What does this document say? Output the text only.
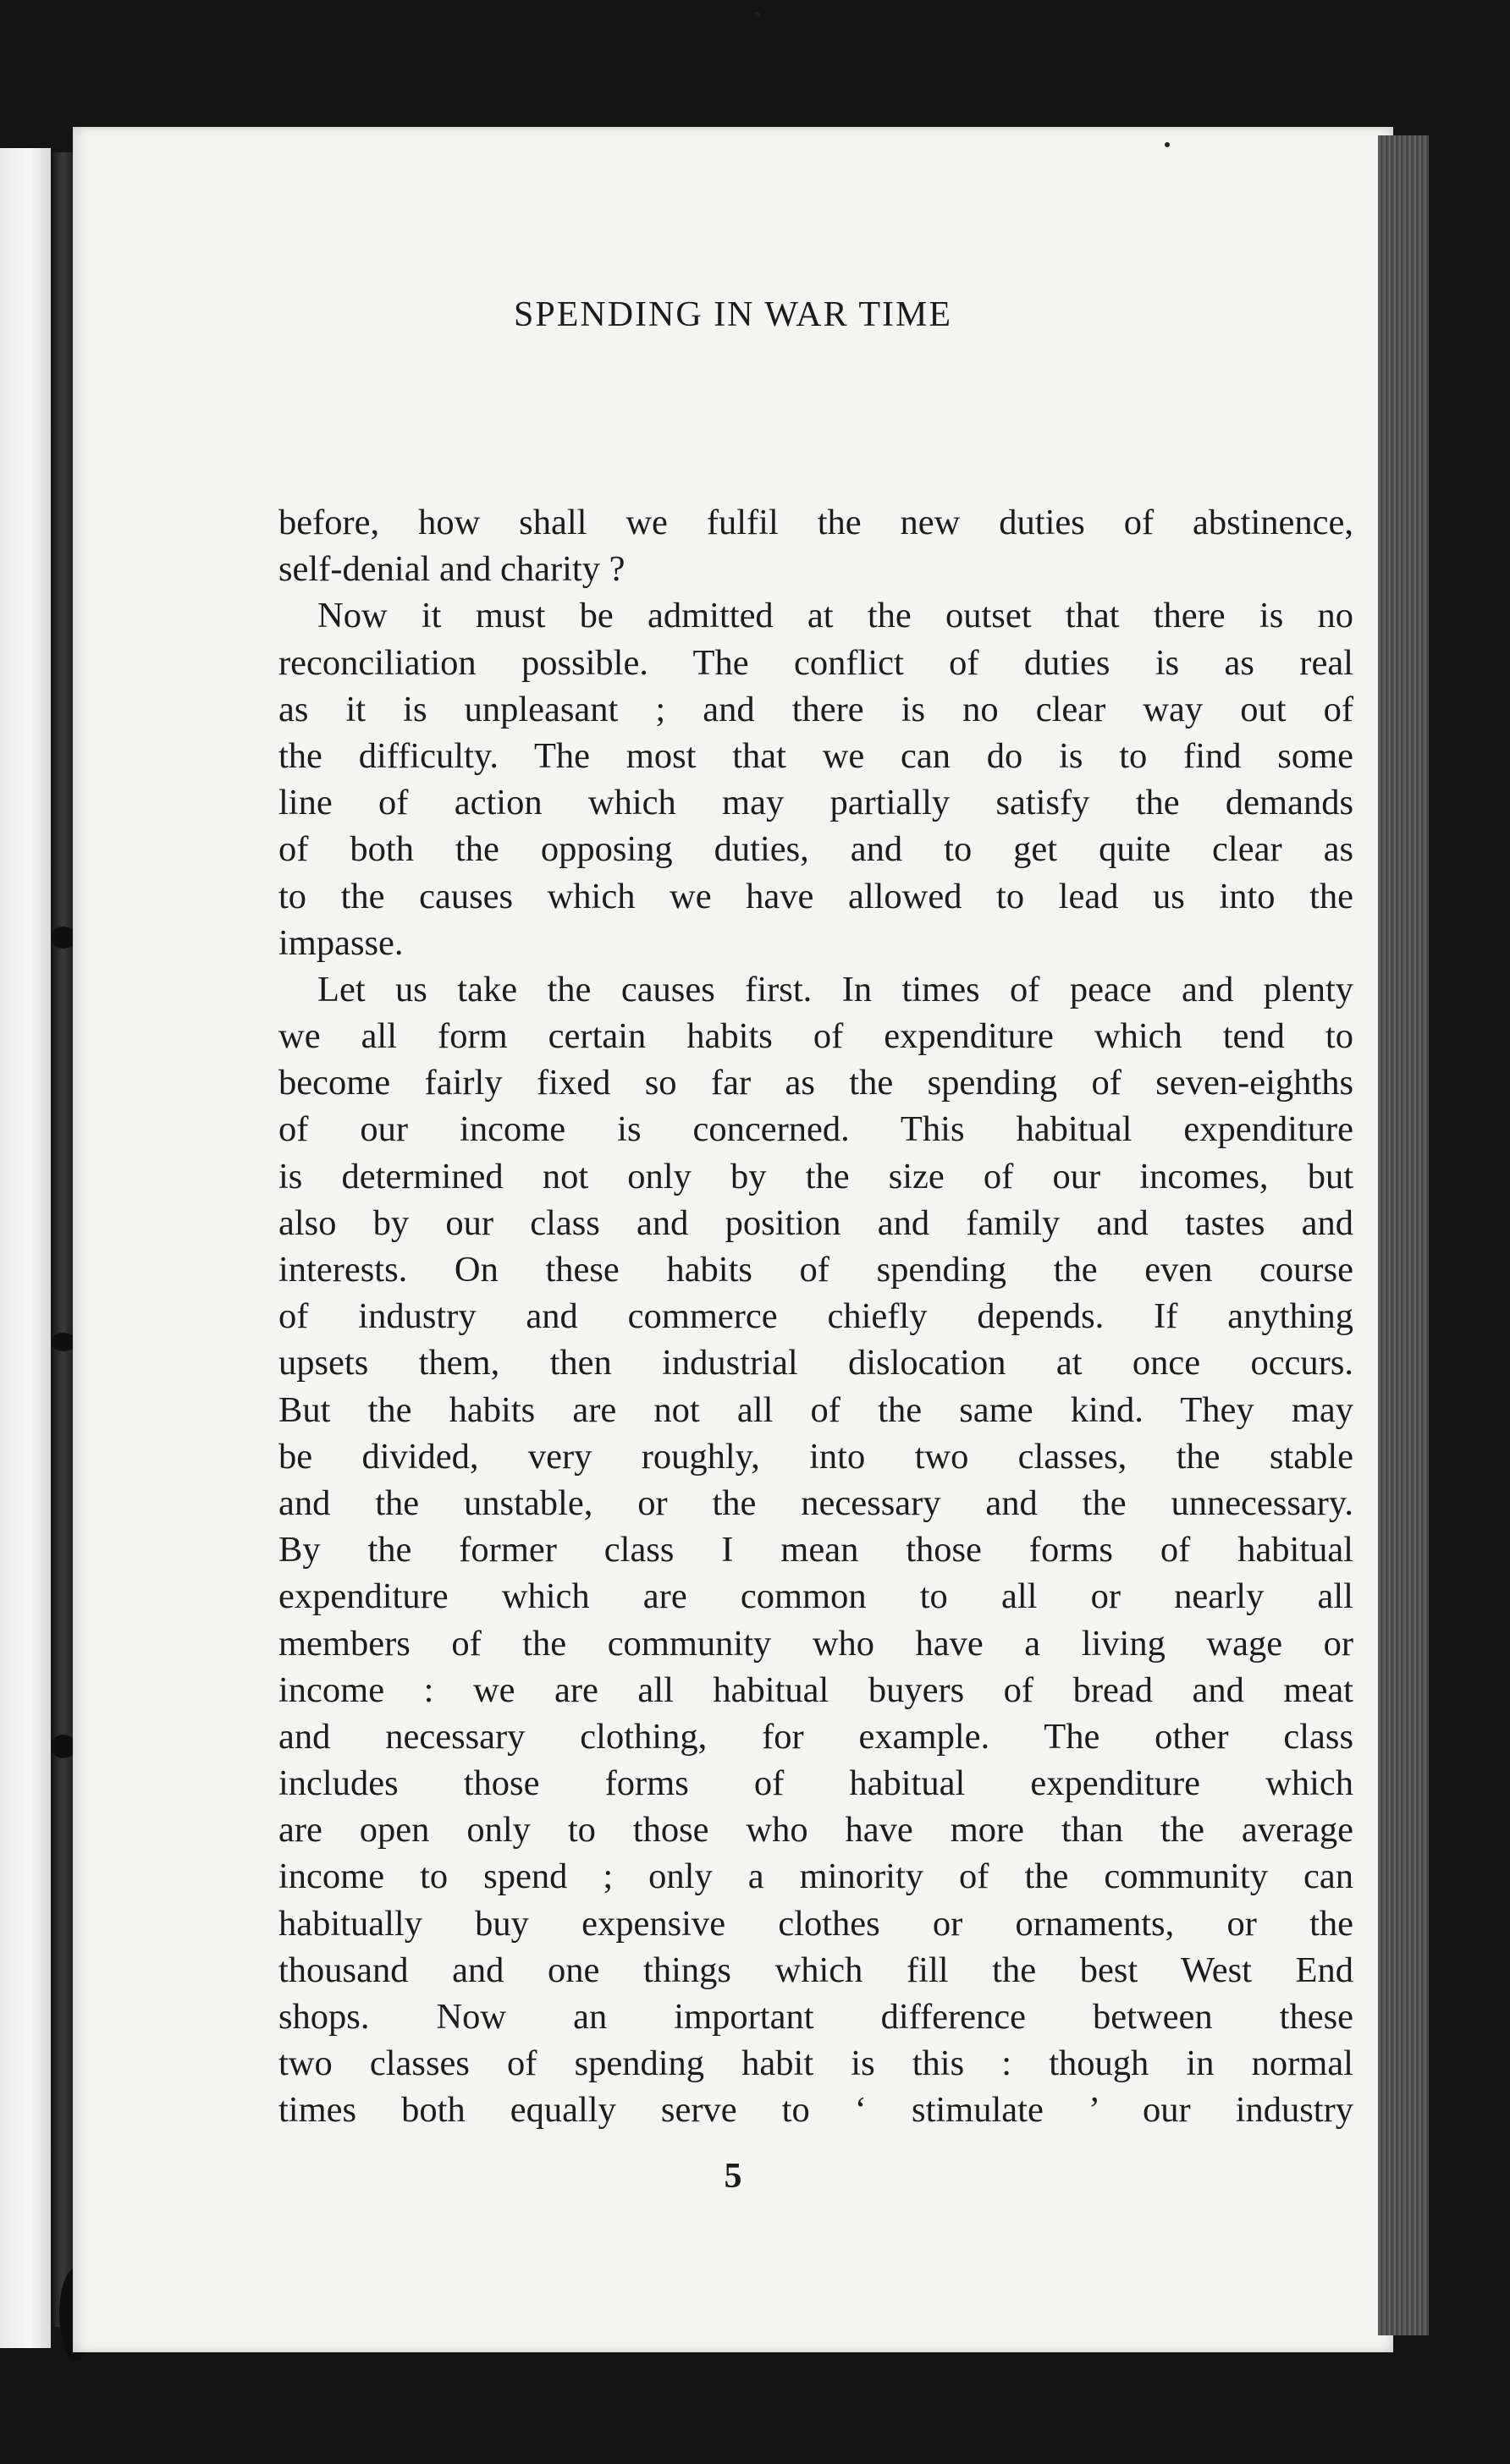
SPENDING IN WAR TIME
before, how shall we fulfil the new duties of abstinence,
self-denial and charity ?
Now it must be admitted at the outset that there is no
reconciliation possible. The conflict of duties is as real
as it is unpleasant ; and there is no clear way out of
the difficulty. The most that we can do is to find some
line of action which may partially satisfy the demands
of both the opposing duties, and to get quite clear as
to the causes which we have allowed to lead us into the
impasse.
Let us take the causes first. In times of peace and plenty
we all form certain habits of expenditure which tend to
become fairly fixed so far as the spending of seven-eighths
of our income is concerned. This habitual expenditure
is determined not only by the size of our incomes, but
also by our class and position and family and tastes and
interests. On these habits of spending the even course
of industry and commerce chiefly depends. If anything
upsets them, then industrial dislocation at once occurs.
But the habits are not all of the same kind. They may
be divided, very roughly, into two classes, the stable
and the unstable, or the necessary and the unnecessary.
By the former class I mean those forms of habitual
expenditure which are common to all or nearly all
members of the community who have a living wage or
income : we are all habitual buyers of bread and meat
and necessary clothing, for example. The other class
includes those forms of habitual expenditure which
are open only to those who have more than the average
income to spend ; only a minority of the community can
habitually buy expensive clothes or ornaments, or the
thousand and one things which fill the best West End
shops. Now an important difference between these
two classes of spending habit is this : though in normal
times both equally serve to ‘ stimulate ’ our industry
5
